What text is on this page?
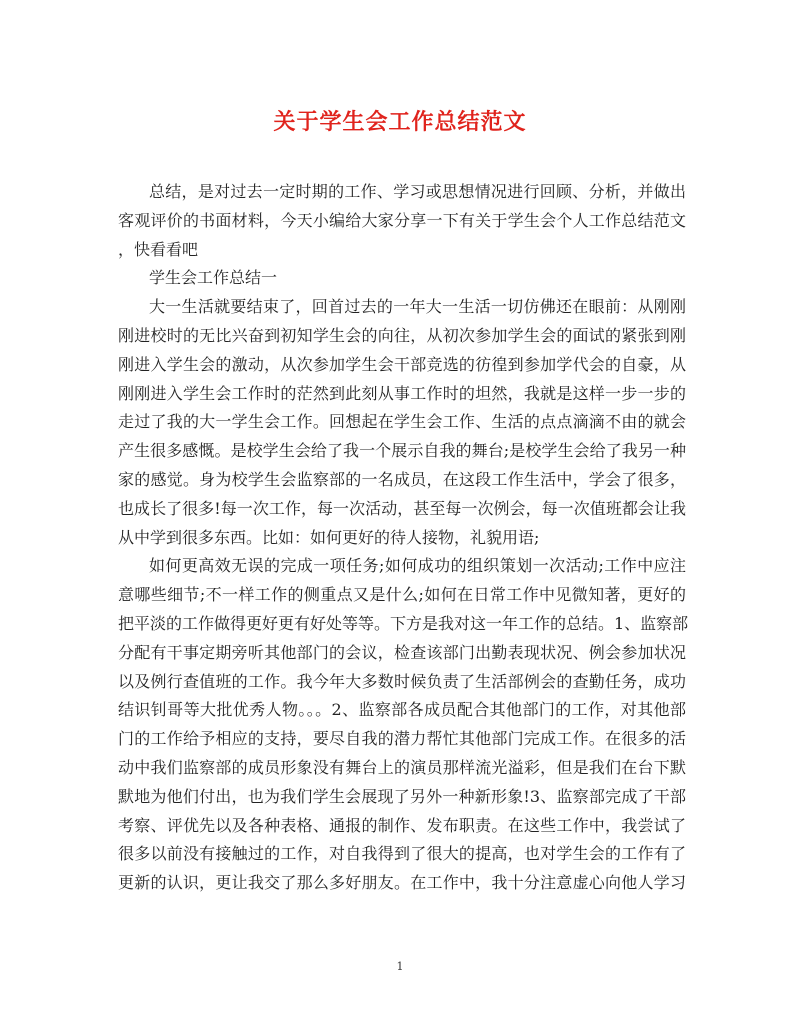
关于学生会工作总结范文
总结，是对过去一定时期的工作、学习或思想情况进行回顾、分析，并做出
客观评价的书面材料，今天小编给大家分享一下有关于学生会个人工作总结范文
，快看看吧
学生会工作总结一
大一生活就要结束了，回首过去的一年大一生活一切仿佛还在眼前：从刚刚
刚进校时的无比兴奋到初知学生会的向往，从初次参加学生会的面试的紧张到刚
刚进入学生会的激动，从次参加学生会干部竞选的彷徨到参加学代会的自豪，从
刚刚进入学生会工作时的茫然到此刻从事工作时的坦然，我就是这样一步一步的
走过了我的大一学生会工作。回想起在学生会工作、生活的点点滴滴不由的就会
产生很多感慨。是校学生会给了我一个展示自我的舞台;是校学生会给了我另一种
家的感觉。身为校学生会监察部的一名成员，在这段工作生活中，学会了很多，
也成长了很多!每一次工作，每一次活动，甚至每一次例会，每一次值班都会让我
从中学到很多东西。比如：如何更好的待人接物，礼貌用语;
如何更高效无误的完成一项任务;如何成功的组织策划一次活动;工作中应注
意哪些细节;不一样工作的侧重点又是什么;如何在日常工作中见微知著，更好的
把平淡的工作做得更好更有好处等等。下方是我对这一年工作的总结。1、监察部
分配有干事定期旁听其他部门的会议，检查该部门出勤表现状况、例会参加状况
以及例行查值班的工作。我今年大多数时候负责了生活部例会的查勤任务，成功
结识钊哥等大批优秀人物。。。2、监察部各成员配合其他部门的工作，对其他部
门的工作给予相应的支持，要尽自我的潜力帮忙其他部门完成工作。在很多的活
动中我们监察部的成员形象没有舞台上的演员那样流光溢彩，但是我们在台下默
默地为他们付出，也为我们学生会展现了另外一种新形象!3、监察部完成了干部
考察、评优先以及各种表格、通报的制作、发布职责。在这些工作中，我尝试了
很多以前没有接触过的工作，对自我得到了很大的提高，也对学生会的工作有了
更新的认识，更让我交了那么多好朋友。在工作中，我十分注意虚心向他人学习
1
